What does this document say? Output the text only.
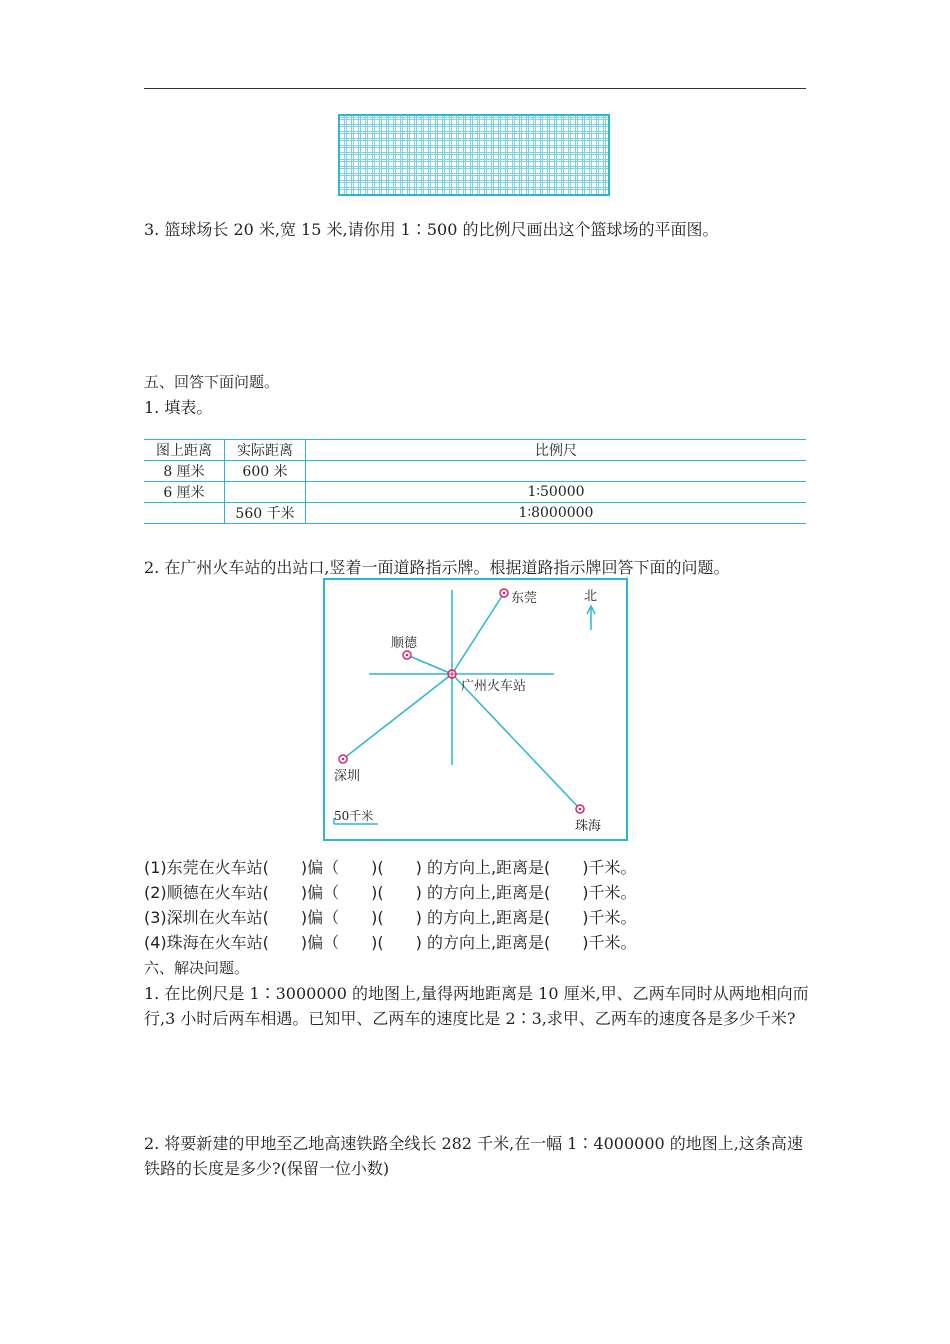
3. 篮球场长 20 米,宽 15 米,请你用 1∶500 的比例尺画出这个篮球场的平面图。
五、回答下面问题。
1. 填表。
图上距离	实际距离	比例尺
8 厘米	600 米	
6 厘米		1∶50000
	560 千米	1∶8000000
2. 在广州火车站的出站口,竖着一面道路指示牌。根据道路指示牌回答下面的问题。
东莞
顺德
广州火车站
深圳
珠海
北
50千米
(1)东莞在火车站(　　)偏（　　)(　　) 的方向上,距离是(　　)千米。
(2)顺德在火车站(　　)偏（　　)(　　) 的方向上,距离是(　　)千米。
(3)深圳在火车站(　　)偏（　　)(　　) 的方向上,距离是(　　)千米。
(4)珠海在火车站(　　)偏（　　)(　　) 的方向上,距离是(　　)千米。
六、解决问题。
1. 在比例尺是 1∶3000000 的地图上,量得两地距离是 10 厘米,甲、乙两车同时从两地相向而
行,3 小时后两车相遇。已知甲、乙两车的速度比是 2∶3,求甲、乙两车的速度各是多少千米?
2. 将要新建的甲地至乙地高速铁路全线长 282 千米,在一幅 1∶4000000 的地图上,这条高速
铁路的长度是多少?(保留一位小数)
